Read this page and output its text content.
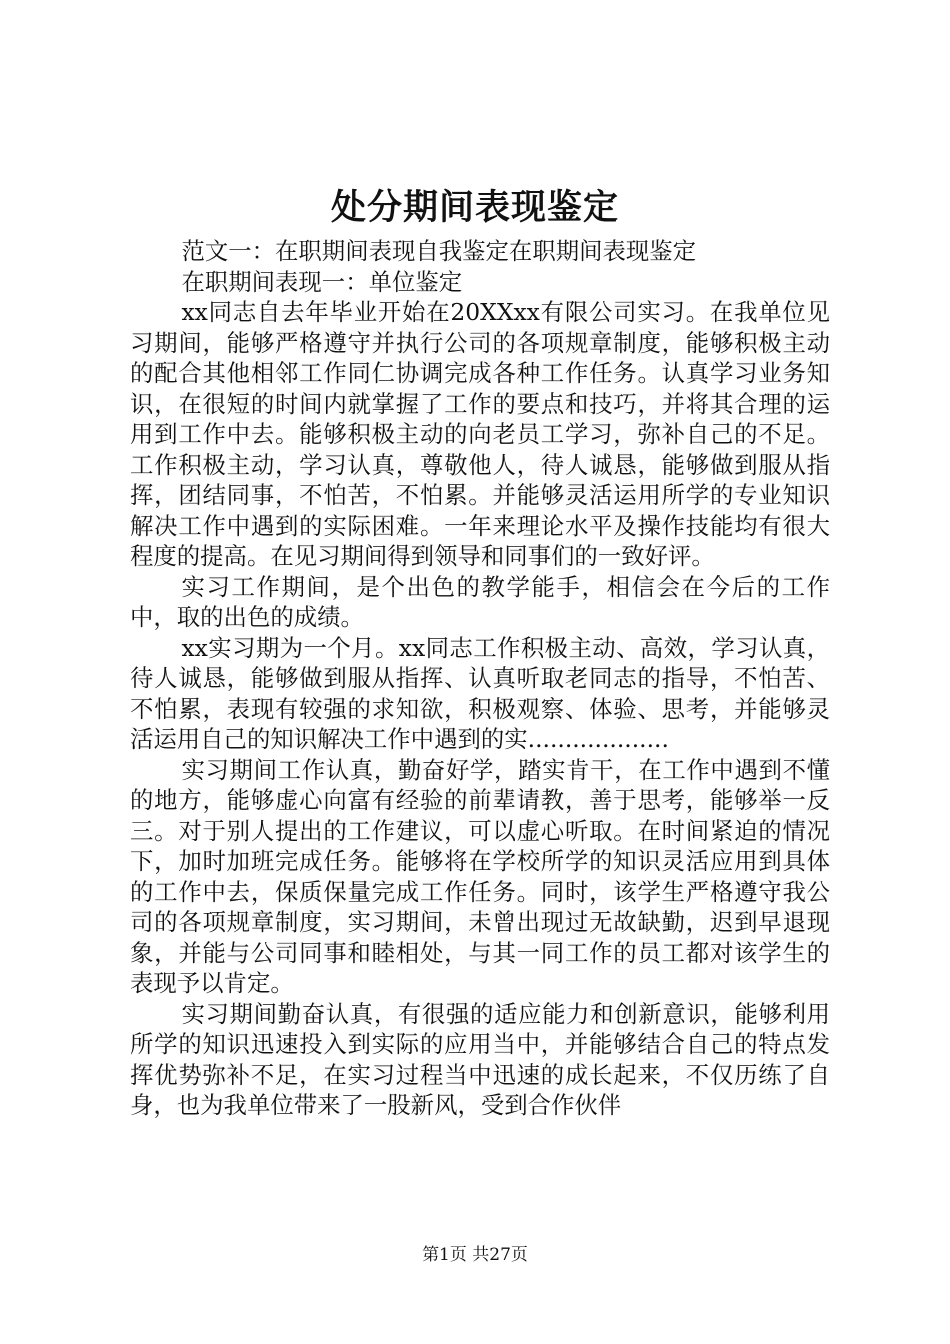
处分期间表现鉴定

范文一：在职期间表现自我鉴定在职期间表现鉴定

在职期间表现一：单位鉴定

xx同志自去年毕业开始在20XXxx有限公司实习。在我单位见习期间，能够严格遵守并执行公司的各项规章制度，能够积极主动的配合其他相邻工作同仁协调完成各种工作任务。认真学习业务知识，在很短的时间内就掌握了工作的要点和技巧，并将其合理的运用到工作中去。能够积极主动的向老员工学习，弥补自己的不足。工作积极主动，学习认真，尊敬他人，待人诚恳，能够做到服从指挥，团结同事，不怕苦，不怕累。并能够灵活运用所学的专业知识解决工作中遇到的实际困难。一年来理论水平及操作技能均有很大程度的提高。在见习期间得到领导和同事们的一致好评。

实习工作期间，是个出色的教学能手，相信会在今后的工作中，取的出色的成绩。

xx实习期为一个月。xx同志工作积极主动、高效，学习认真，待人诚恳，能够做到服从指挥、认真听取老同志的指导，不怕苦、不怕累，表现有较强的求知欲，积极观察、体验、思考，并能够灵活运用自己的知识解决工作中遇到的实...................

实习期间工作认真，勤奋好学，踏实肯干，在工作中遇到不懂的地方，能够虚心向富有经验的前辈请教，善于思考，能够举一反三。对于别人提出的工作建议，可以虚心听取。在时间紧迫的情况下，加时加班完成任务。能够将在学校所学的知识灵活应用到具体的工作中去，保质保量完成工作任务。同时，该学生严格遵守我公司的各项规章制度，实习期间，未曾出现过无故缺勤，迟到早退现象，并能与公司同事和睦相处，与其一同工作的员工都对该学生的表现予以肯定。

实习期间勤奋认真，有很强的适应能力和创新意识，能够利用所学的知识迅速投入到实际的应用当中，并能够结合自己的特点发挥优势弥补不足，在实习过程当中迅速的成长起来，不仅历练了自身，也为我单位带来了一股新风，受到合作伙伴

第1页 共27页
